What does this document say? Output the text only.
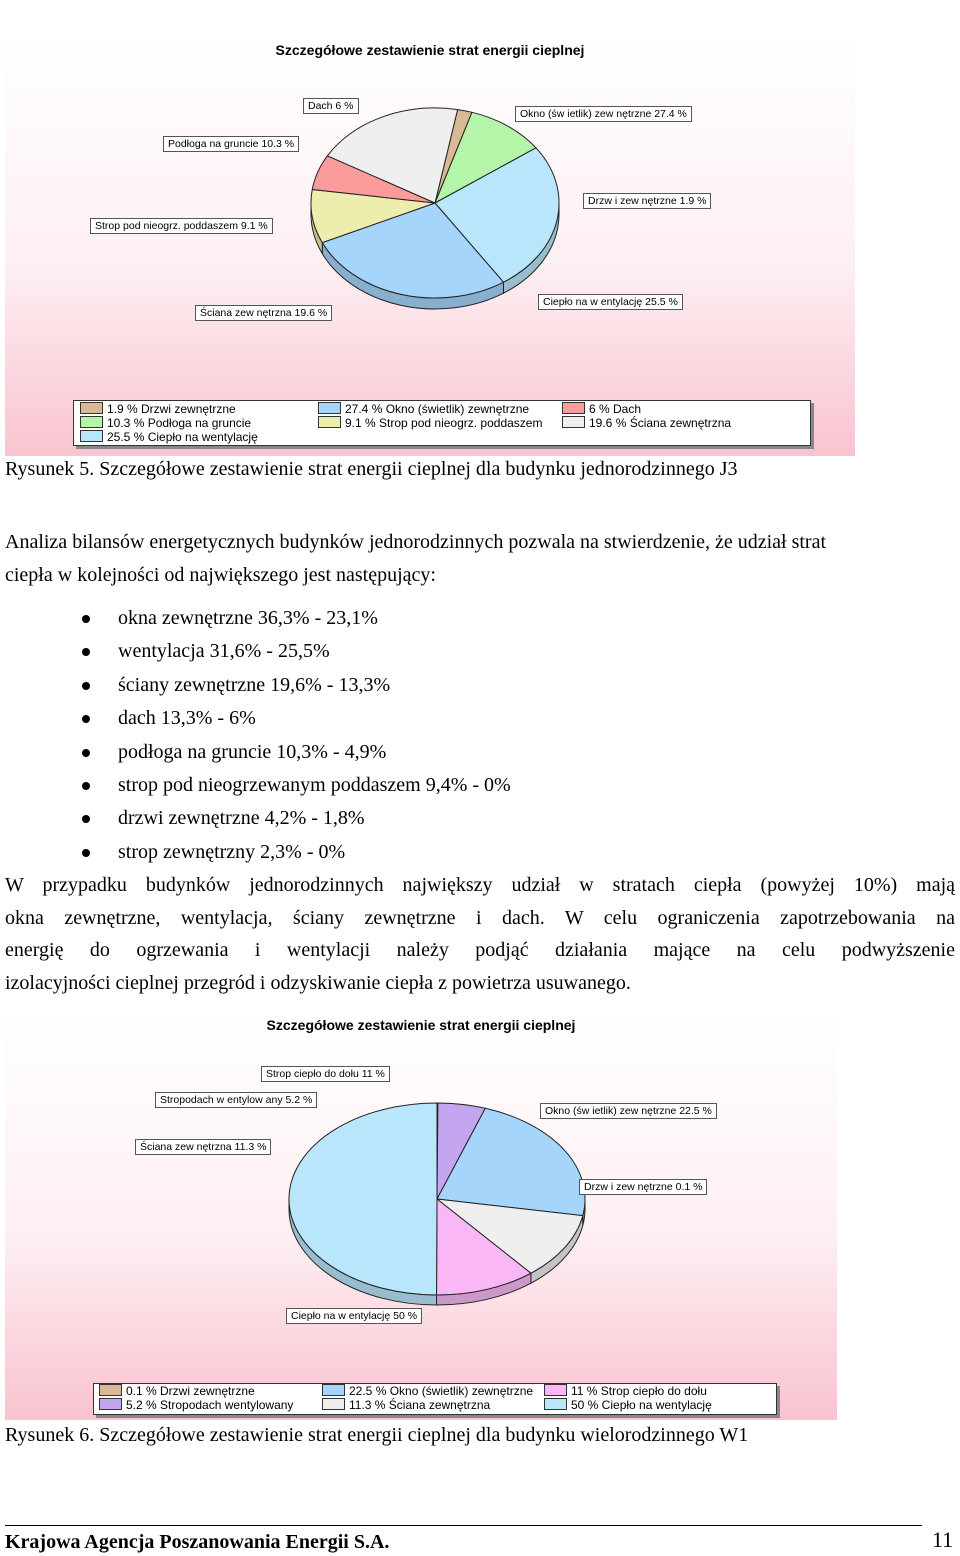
Szczegółowe zestawienie strat energii cieplnej
Dach 6 %
Okno (św ietlik) zew nętrzne 27.4 %
Podłoga na gruncie 10.3 %
Drzw i zew nętrzne 1.9 %
Strop pod nieogrz. poddaszem 9.1 %
Ściana zew nętrzna 19.6 %
Ciepło na w entylację 25.5 %
1.9 % Drzwi zewnętrzne	27.4 % Okno (świetlik) zewnętrzne	6 % Dach
10.3 % Podłoga na gruncie	9.1 % Strop pod nieogrz. poddaszem	19.6 % Ściana zewnętrzna
25.5 % Ciepło na wentylację
Rysunek 5. Szczegółowe zestawienie strat energii cieplnej dla budynku jednorodzinnego J3
Analiza bilansów energetycznych budynków jednorodzinnych pozwala na stwierdzenie, że udział strat
ciepła w kolejności od największego jest następujący:
okna zewnętrzne 36,3% - 23,1%
wentylacja 31,6% - 25,5%
ściany zewnętrzne 19,6% - 13,3%
dach 13,3% - 6%
podłoga na gruncie 10,3% - 4,9%
strop pod nieogrzewanym poddaszem 9,4% - 0%
drzwi zewnętrzne 4,2% - 1,8%
strop zewnętrzny 2,3% - 0%
W przypadku budynków jednorodzinnych największy udział w stratach ciepła (powyżej 10%) mają
okna zewnętrzne, wentylacja, ściany zewnętrzne i dach. W celu ograniczenia zapotrzebowania na
energię do ogrzewania i wentylacji należy podjąć działania mające na celu podwyższenie
izolacyjności cieplnej przegród i odzyskiwanie ciepła z powietrza usuwanego.
Szczegółowe zestawienie strat energii cieplnej
Strop ciepło do dołu 11 %
Stropodach w entylow any 5.2 %
Okno (św ietlik) zew nętrzne 22.5 %
Ściana zew nętrzna 11.3 %
Drzw i zew nętrzne 0.1 %
Ciepło na w entylację 50 %
0.1 % Drzwi zewnętrzne	22.5 % Okno (świetlik) zewnętrzne	11 % Strop ciepło do dołu
5.2 % Stropodach wentylowany	11.3 % Ściana zewnętrzna	50 % Ciepło na wentylację
Rysunek 6. Szczegółowe zestawienie strat energii cieplnej dla budynku wielorodzinnego W1
Krajowa Agencja Poszanowania Energii S.A.	11
